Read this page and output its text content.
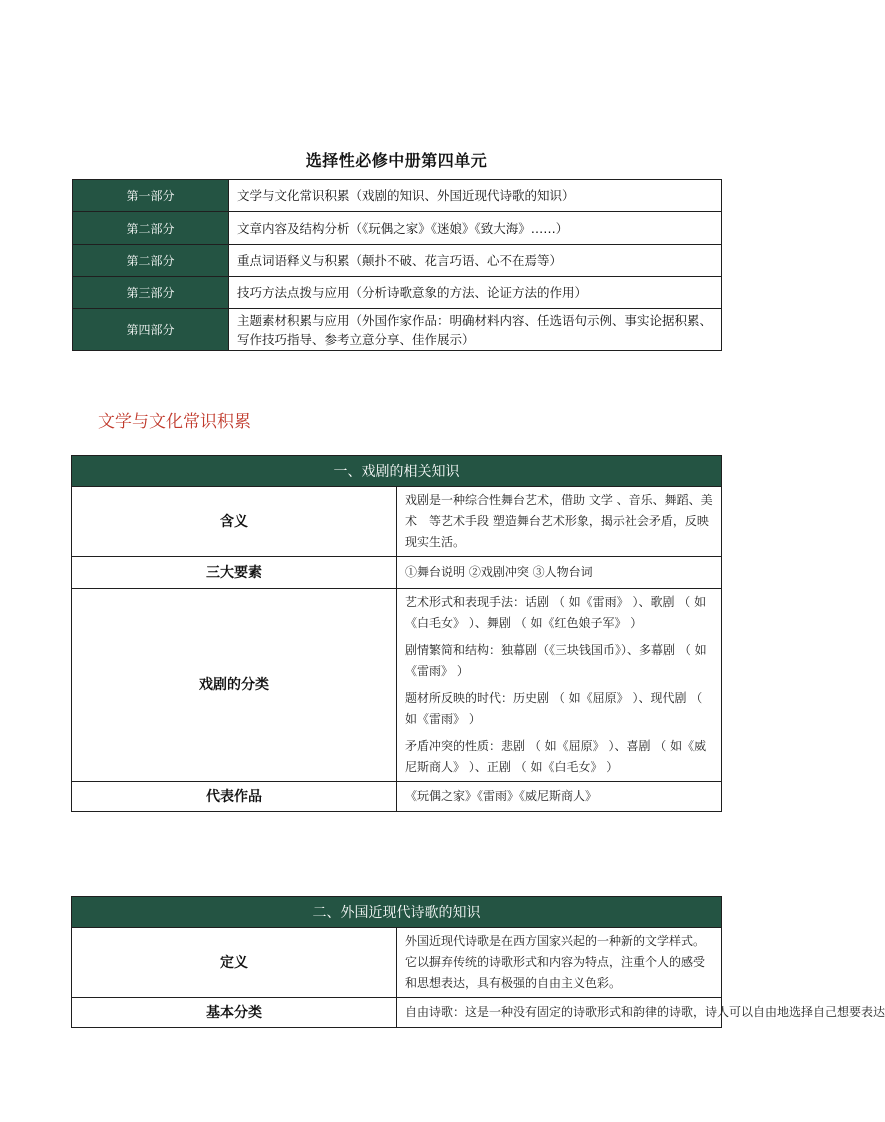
选择性必修中册第四单元
第一部分	文学与文化常识积累（戏剧的知识、外国近现代诗歌的知识）
第二部分	文章内容及结构分析（《玩偶之家》《迷娘》《致大海》……）
第二部分	重点词语释义与积累（颠扑不破、花言巧语、心不在焉等）
第三部分	技巧方法点拨与应用（分析诗歌意象的方法、论证方法的作用）
第四部分	主题素材积累与应用（外国作家作品：明确材料内容、任选语句示例、事实论据积累、写作技巧指导、参考立意分享、佳作展示）
文学与文化常识积累
一、戏剧的相关知识	
含义	戏剧是一种综合性舞台艺术，借助 文学 、音乐、舞蹈、美术　等艺术手段 塑造舞台艺术形象，揭示社会矛盾，反映现实生活。

三大要素	①舞台说明 ②戏剧冲突 ③人物台词

戏剧的分类	艺术形式和表现手法：话剧 （ 如《雷雨》 ）、歌剧 （ 如《白毛女》 ）、舞剧 （ 如《红色娘子军》 ）

剧情繁简和结构：独幕剧（《三块钱国币》）、多幕剧 （ 如《雷雨》 ）

题材所反映的时代：历史剧 （ 如《屈原》 ）、现代剧 （ 如《雷雨》 ）

矛盾冲突的性质：悲剧 （ 如《屈原》 ）、喜剧 （ 如《威尼斯商人》 ）、正剧 （ 如《白毛女》 ）

代表作品	《玩偶之家》《雷雨》《威尼斯商人》

二、外国近现代诗歌的知识	
定义	外国近现代诗歌是在西方国家兴起的一种新的文学样式。它以摒弃传统的诗歌形式和内容为特点，注重个人的感受和思想表达，具有极强的自由主义色彩。

基本分类	自由诗歌：这是一种没有固定的诗歌形式和韵律的诗歌，诗人可以自由地选择自己想要表达
